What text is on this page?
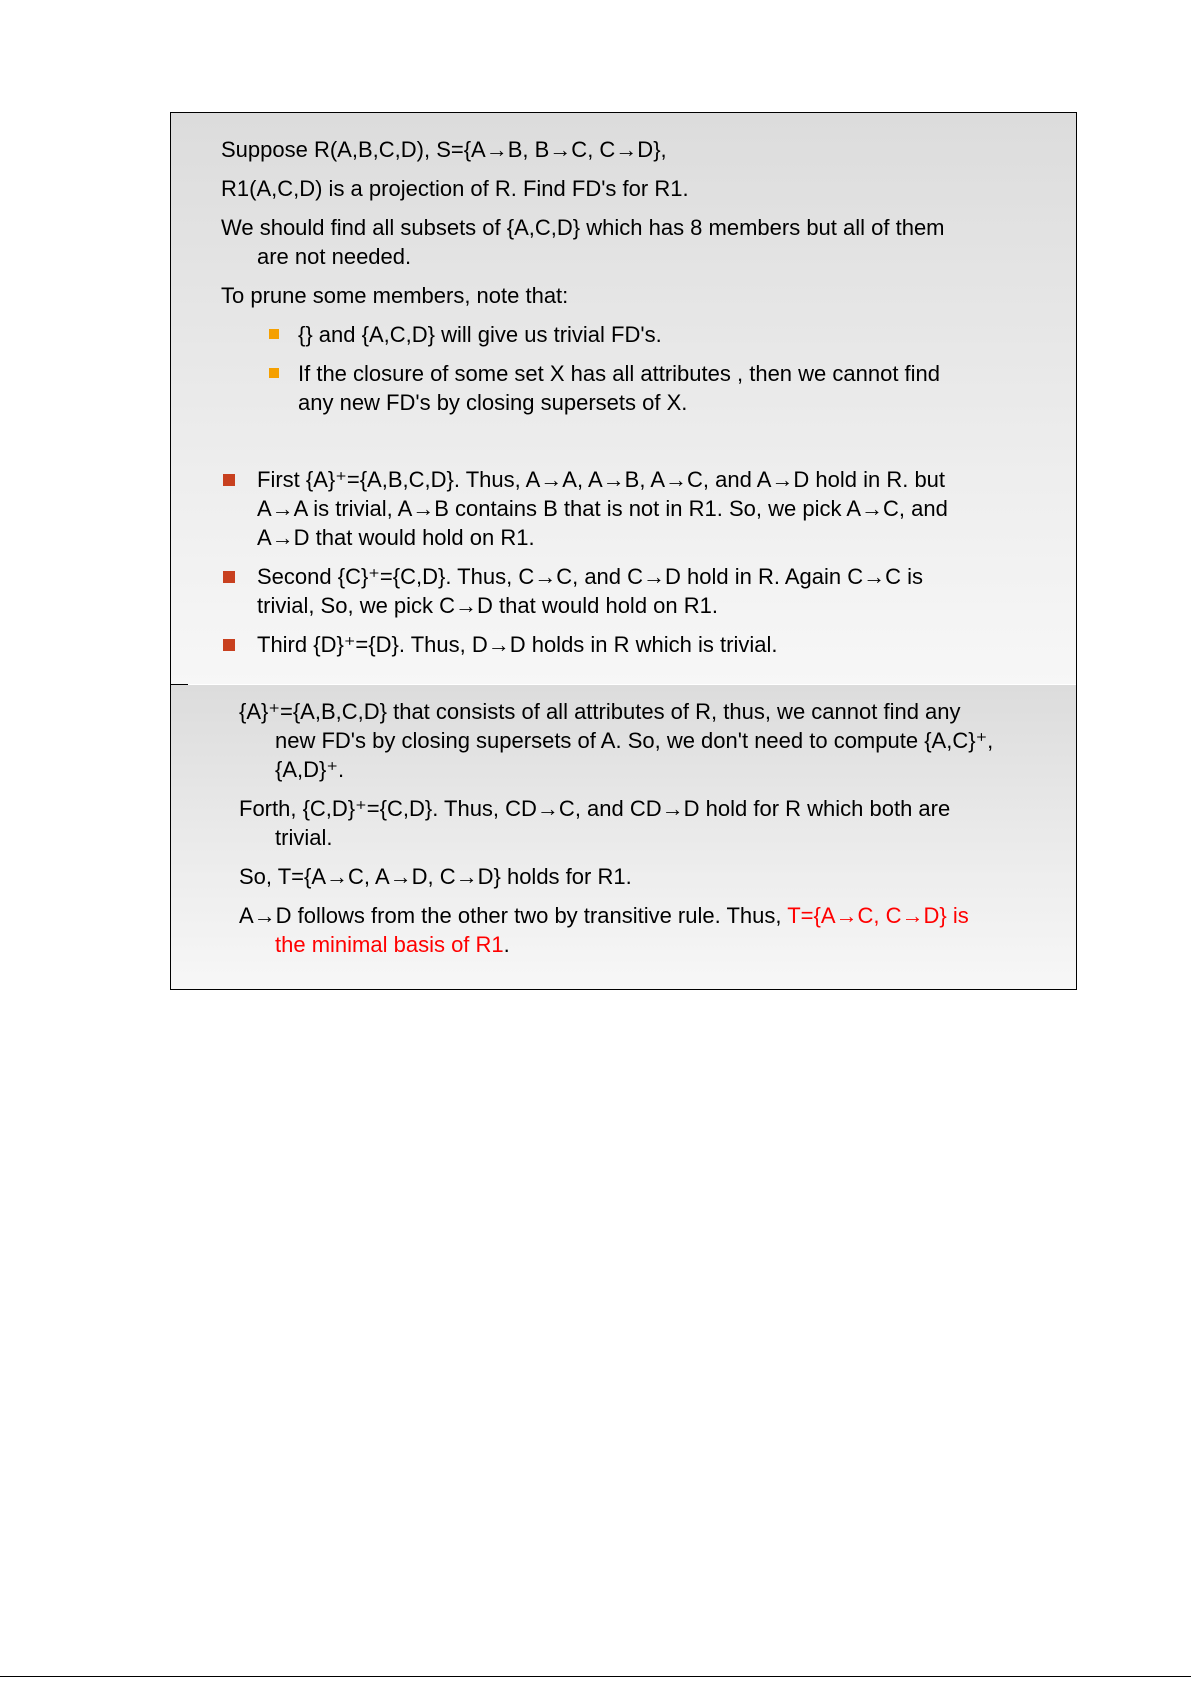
Suppose R(A,B,C,D), S={A→B, B→C, C→D},

R1(A,C,D) is a projection of R. Find FD's for R1.

We should find all subsets of {A,C,D} which has 8 members but all of them
are not needed.

To prune some members, note that:

{} and {A,C,D} will give us trivial FD's.

If the closure of some set X has all attributes , then we cannot find
any new FD's by closing supersets of X.

First {A}⁺={A,B,C,D}. Thus, A→A, A→B, A→C, and A→D hold in R. but
A→A is trivial, A→B contains B that is not in R1. So, we pick A→C, and
A→D that would hold on R1.

Second {C}⁺={C,D}. Thus, C→C, and C→D hold in R. Again C→C is
trivial, So, we pick C→D that would hold on R1.

Third {D}⁺={D}. Thus, D→D holds in R which is trivial.

{A}⁺={A,B,C,D} that consists of all attributes of R, thus, we cannot find any
new FD's by closing supersets of A. So, we don't need to compute {A,C}⁺,
{A,D}⁺.

Forth, {C,D}⁺={C,D}. Thus, CD→C, and CD→D hold for R which both are
trivial.

So, T={A→C, A→D, C→D} holds for R1.

A→D follows from the other two by transitive rule. Thus, T={A→C, C→D} is
the minimal basis of R1.
